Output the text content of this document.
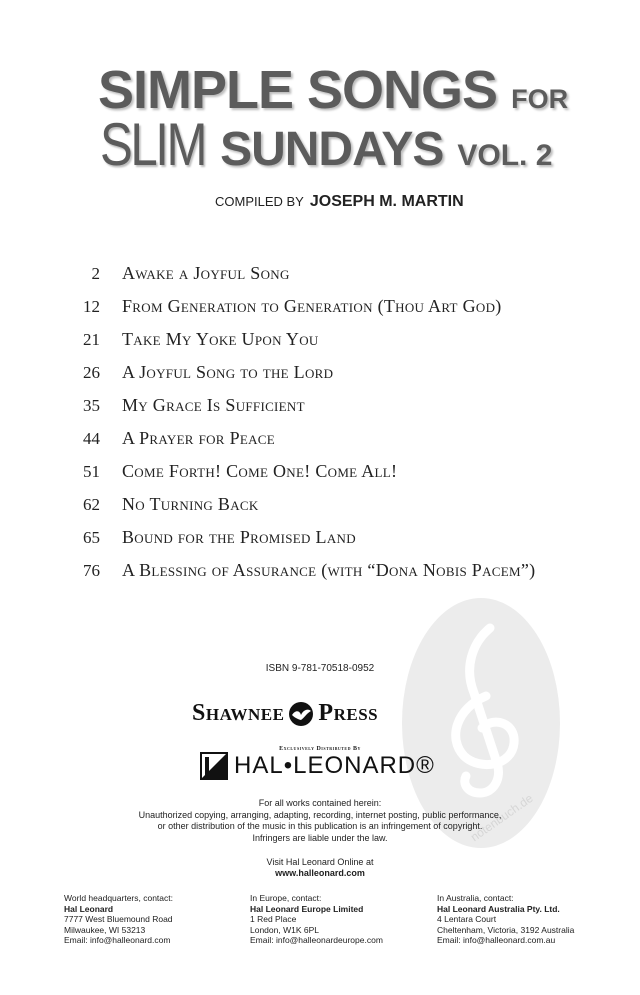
notenbuch.de
SIMPLE SONGS FOR
SLIM SUNDAYS VOL. 2
COMPILED BY JOSEPH M. MARTIN
2 Awake a Joyful Song
12 From Generation to Generation (Thou Art God)
21 Take My Yoke Upon You
26 A Joyful Song to the Lord
35 My Grace Is Sufficient
44 A Prayer for Peace
51 Come Forth! Come One! Come All!
62 No Turning Back
65 Bound for the Promised Land
76 A Blessing of Assurance (with “Dona Nobis Pacem”)
ISBN 9-781-70518-0952
Shawnee Press
Exclusively Distributed By
HAL•LEONARD®
For all works contained herein:
Unauthorized copying, arranging, adapting, recording, internet posting, public performance,
or other distribution of the music in this publication is an infringement of copyright.
Infringers are liable under the law.
Visit Hal Leonard Online at
www.halleonard.com
World headquarters, contact:
Hal Leonard
7777 West Bluemound Road
Milwaukee, WI 53213
Email: info@halleonard.com
In Europe, contact:
Hal Leonard Europe Limited
1 Red Place
London, W1K 6PL
Email: info@halleonardeurope.com
In Australia, contact:
Hal Leonard Australia Pty. Ltd.
4 Lentara Court
Cheltenham, Victoria, 3192 Australia
Email: info@halleonard.com.au
